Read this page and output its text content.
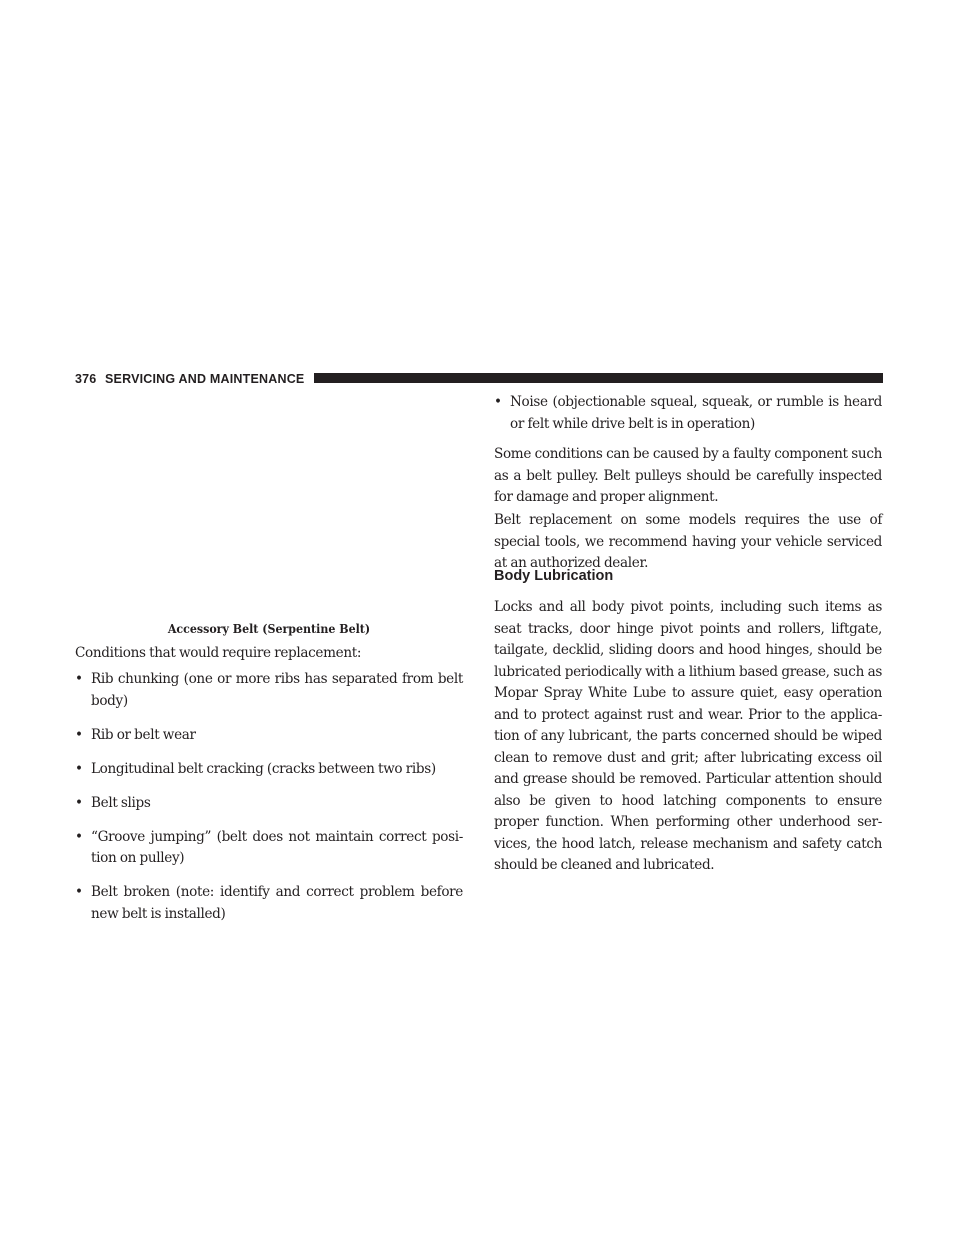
376 SERVICING AND MAINTENANCE
Accessory Belt (Serpentine Belt)

Conditions that would require replacement:

• Rib chunking (one or more ribs has separated from belt body)
• Rib or belt wear
• Longitudinal belt cracking (cracks between two ribs)
• Belt slips
• “Groove jumping” (belt does not maintain correct posi-tion on pulley)
• Belt broken (note: identify and correct problem before new belt is installed)
• Noise (objectionable squeal, squeak, or rumble is heard or felt while drive belt is in operation)

Some conditions can be caused by a faulty component such as a belt pulley. Belt pulleys should be carefully inspected for damage and proper alignment.

Belt replacement on some models requires the use of special tools, we recommend having your vehicle serviced at an authorized dealer.

Body Lubrication

Locks and all body pivot points, including such items as seat tracks, door hinge pivot points and rollers, liftgate, tailgate, decklid, sliding doors and hood hinges, should be lubricated periodically with a lithium based grease, such as Mopar Spray White Lube to assure quiet, easy operation and to protect against rust and wear. Prior to the applica-tion of any lubricant, the parts concerned should be wiped clean to remove dust and grit; after lubricating excess oil and grease should be removed. Particular attention should also be given to hood latching components to ensure proper function. When performing other underhood ser-vices, the hood latch, release mechanism and safety catch should be cleaned and lubricated.
